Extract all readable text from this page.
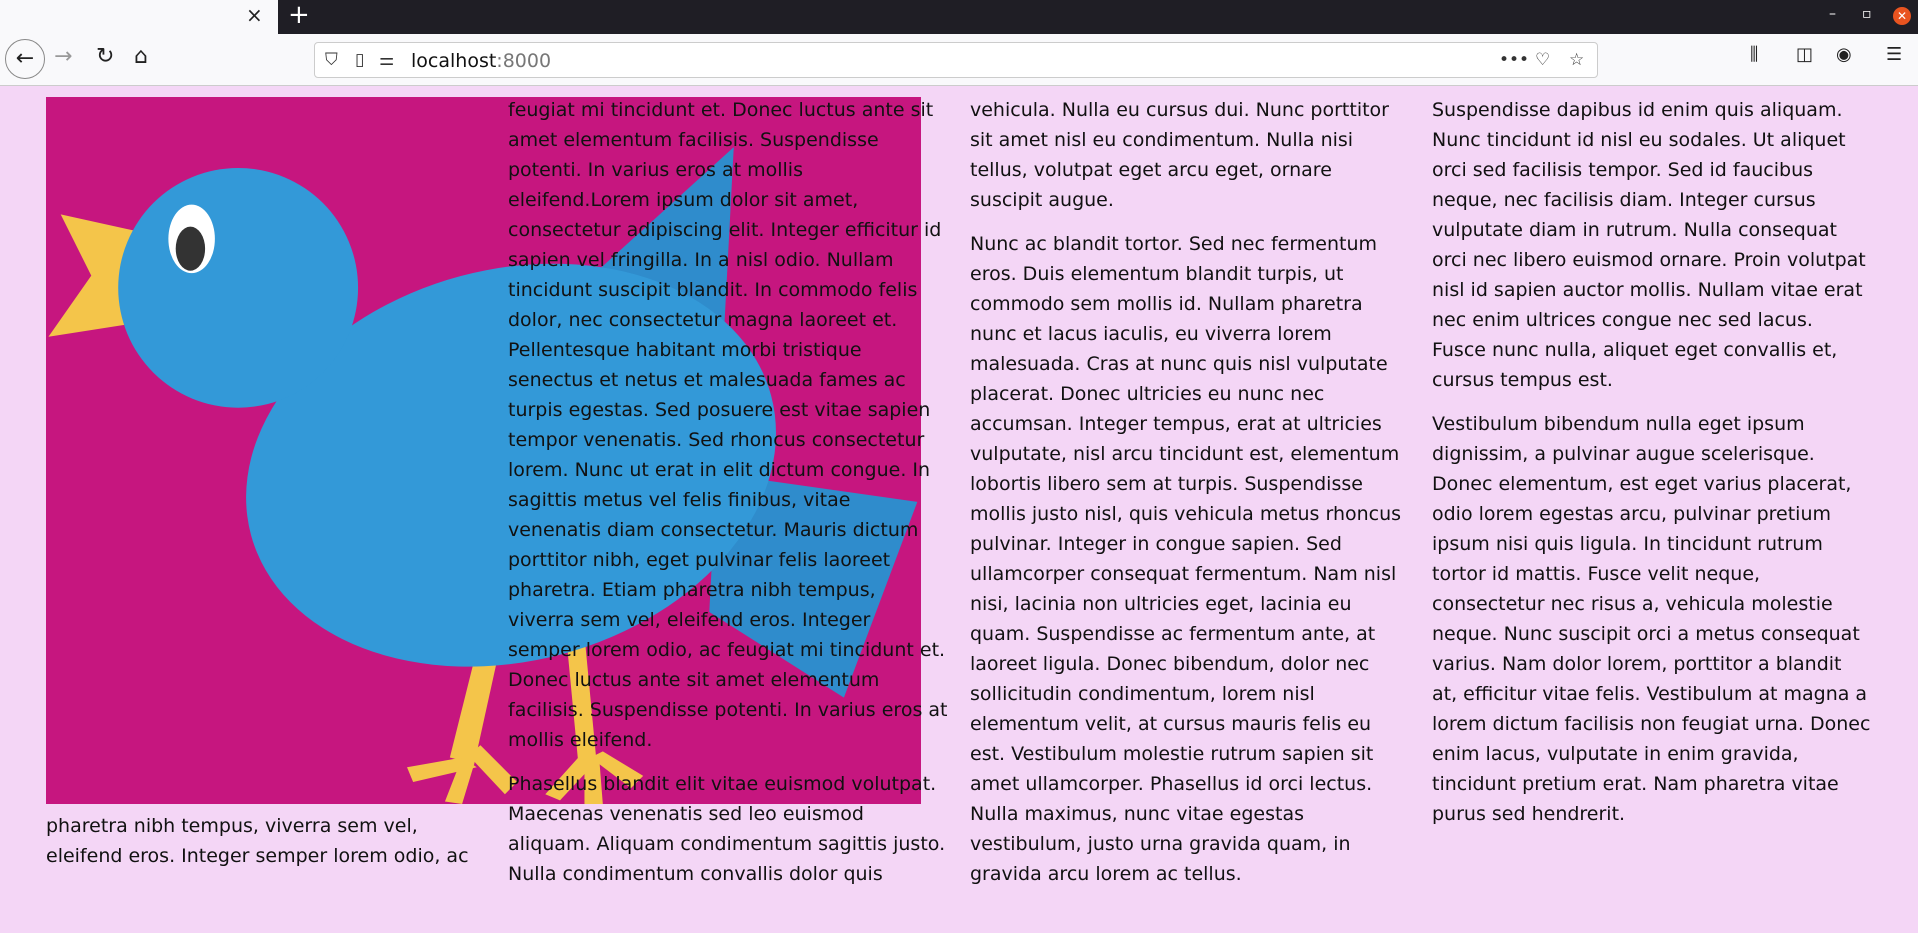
× +	– ▫	✕
← → ↻ ⌂	⛉ ▯ ⚌ localhost:8000	••• ♡ ☆	⫼ ◫ ◉ ☰

pharetra nibh tempus, viverra sem vel, eleifend eros. Integer semper lorem odio, ac

feugiat mi tincidunt et. Donec luctus ante sit amet elementum facilisis. Suspendisse potenti. In varius eros at mollis eleifend.Lorem ipsum dolor sit amet, consectetur adipiscing elit. Integer efficitur id sapien vel fringilla. In a nisl odio. Nullam tincidunt suscipit blandit. In commodo felis dolor, nec consectetur magna laoreet et. Pellentesque habitant morbi tristique senectus et netus et malesuada fames ac turpis egestas. Sed posuere est vitae sapien tempor venenatis. Sed rhoncus consectetur lorem. Nunc ut erat in elit dictum congue. In sagittis metus vel felis finibus, vitae venenatis diam consectetur. Mauris dictum porttitor nibh, eget pulvinar felis laoreet pharetra. Etiam pharetra nibh tempus, viverra sem vel, eleifend eros. Integer semper lorem odio, ac feugiat mi tincidunt et. Donec luctus ante sit amet elementum facilisis. Suspendisse potenti. In varius eros at mollis eleifend.

Phasellus blandit elit vitae euismod volutpat. Maecenas venenatis sed leo euismod aliquam. Aliquam condimentum sagittis justo. Nulla condimentum convallis dolor quis

vehicula. Nulla eu cursus dui. Nunc porttitor sit amet nisl eu condimentum. Nulla nisi tellus, volutpat eget arcu eget, ornare suscipit augue.

Nunc ac blandit tortor. Sed nec fermentum eros. Duis elementum blandit turpis, ut commodo sem mollis id. Nullam pharetra nunc et lacus iaculis, eu viverra lorem malesuada. Cras at nunc quis nisl vulputate placerat. Donec ultricies eu nunc nec accumsan. Integer tempus, erat at ultricies vulputate, nisl arcu tincidunt est, elementum lobortis libero sem at turpis. Suspendisse mollis justo nisl, quis vehicula metus rhoncus pulvinar. Integer in congue sapien. Sed ullamcorper consequat fermentum. Nam nisl nisi, lacinia non ultricies eget, lacinia eu quam. Suspendisse ac fermentum ante, at laoreet ligula. Donec bibendum, dolor nec sollicitudin condimentum, lorem nisl elementum velit, at cursus mauris felis eu est. Vestibulum molestie rutrum sapien sit amet ullamcorper. Phasellus id orci lectus. Nulla maximus, nunc vitae egestas vestibulum, justo urna gravida quam, in gravida arcu lorem ac tellus.

Suspendisse dapibus id enim quis aliquam. Nunc tincidunt id nisl eu sodales. Ut aliquet orci sed facilisis tempor. Sed id faucibus neque, nec facilisis diam. Integer cursus vulputate diam in rutrum. Nulla consequat orci nec libero euismod ornare. Proin volutpat nisl id sapien auctor mollis. Nullam vitae erat nec enim ultrices congue nec sed lacus. Fusce nunc nulla, aliquet eget convallis et, cursus tempus est.

Vestibulum bibendum nulla eget ipsum dignissim, a pulvinar augue scelerisque. Donec elementum, est eget varius placerat, odio lorem egestas arcu, pulvinar pretium ipsum nisi quis ligula. In tincidunt rutrum tortor id mattis. Fusce velit neque, consectetur nec risus a, vehicula molestie neque. Nunc suscipit orci a metus consequat varius. Nam dolor lorem, porttitor a blandit at, efficitur vitae felis. Vestibulum at magna a lorem dictum facilisis non feugiat urna. Donec enim lacus, vulputate in enim gravida, tincidunt pretium erat. Nam pharetra vitae purus sed hendrerit.
